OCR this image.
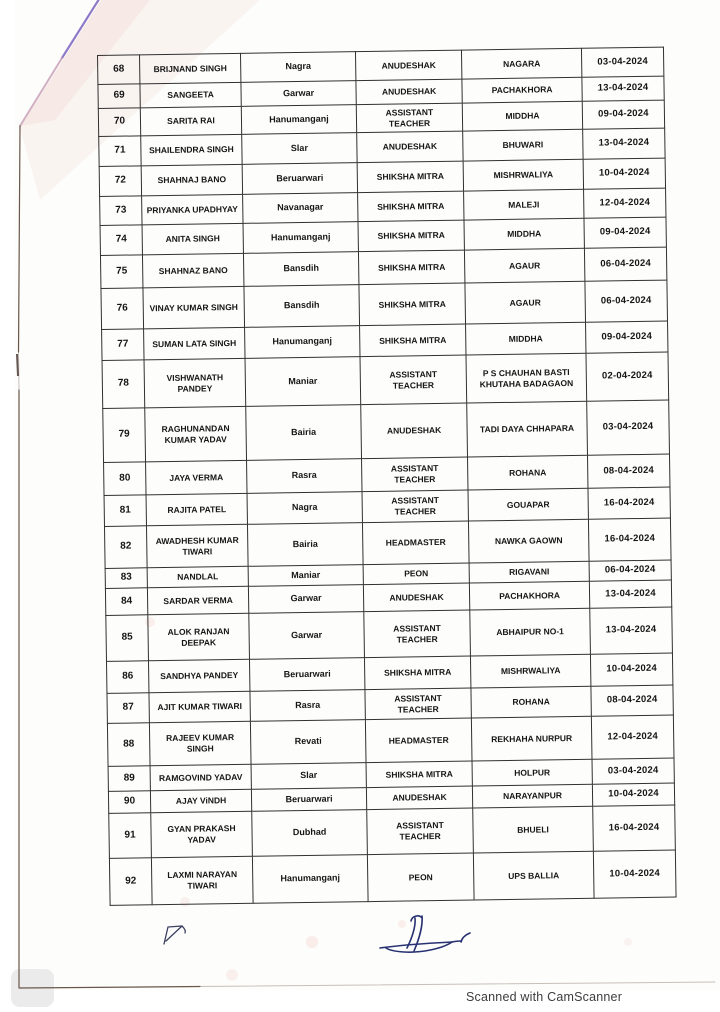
68	BRIJNAND SINGH	Nagra	ANUDESHAK	NAGARA	03-04-2024
69	SANGEETA	Garwar	ANUDESHAK	PACHAKHORA	13-04-2024
70	SARITA RAI	Hanumanganj	ASSISTANT
TEACHER	MIDDHA	09-04-2024
71	SHAILENDRA SINGH	Slar	ANUDESHAK	BHUWARI	13-04-2024
72	SHAHNAJ BANO	Beruarwari	SHIKSHA MITRA	MISHRWALIYA	10-04-2024
73	PRIYANKA UPADHYAY	Navanagar	SHIKSHA MITRA	MALEJI	12-04-2024
74	ANITA SINGH	Hanumanganj	SHIKSHA MITRA	MIDDHA	09-04-2024
75	SHAHNAZ BANO	Bansdih	SHIKSHA MITRA	AGAUR	06-04-2024
76	VINAY KUMAR SINGH	Bansdih	SHIKSHA MITRA	AGAUR	06-04-2024
77	SUMAN LATA SINGH	Hanumanganj	SHIKSHA MITRA	MIDDHA	09-04-2024
78	VISHWANATH
PANDEY	Maniar	ASSISTANT
TEACHER	P S CHAUHAN BASTI
KHUTAHA BADAGAON	02-04-2024
79	RAGHUNANDAN
KUMAR YADAV	Bairia	ANUDESHAK	TADI DAYA CHHAPARA	03-04-2024
80	JAYA VERMA	Rasra	ASSISTANT
TEACHER	ROHANA	08-04-2024
81	RAJITA PATEL	Nagra	ASSISTANT
TEACHER	GOUAPAR	16-04-2024
82	AWADHESH KUMAR
TIWARI	Bairia	HEADMASTER	NAWKA GAOWN	16-04-2024
83	NANDLAL	Maniar	PEON	RIGAVANI	06-04-2024
84	SARDAR VERMA	Garwar	ANUDESHAK	PACHAKHORA	13-04-2024
85	ALOK RANJAN
DEEPAK	Garwar	ASSISTANT
TEACHER	ABHAIPUR NO-1	13-04-2024
86	SANDHYA PANDEY	Beruarwari	SHIKSHA MITRA	MISHRWALIYA	10-04-2024
87	AJIT KUMAR TIWARI	Rasra	ASSISTANT
TEACHER	ROHANA	08-04-2024
88	RAJEEV KUMAR
SINGH	Revati	HEADMASTER	REKHAHA NURPUR	12-04-2024
89	RAMGOVIND YADAV	Slar	SHIKSHA MITRA	HOLPUR	03-04-2024
90	AJAY ViNDH	Beruarwari	ANUDESHAK	NARAYANPUR	10-04-2024
91	GYAN PRAKASH
YADAV	Dubhad	ASSISTANT
TEACHER	BHUELI	16-04-2024
92	LAXMI NARAYAN
TIWARI	Hanumanganj	PEON	UPS BALLIA	10-04-2024
Scanned with CamScanner
